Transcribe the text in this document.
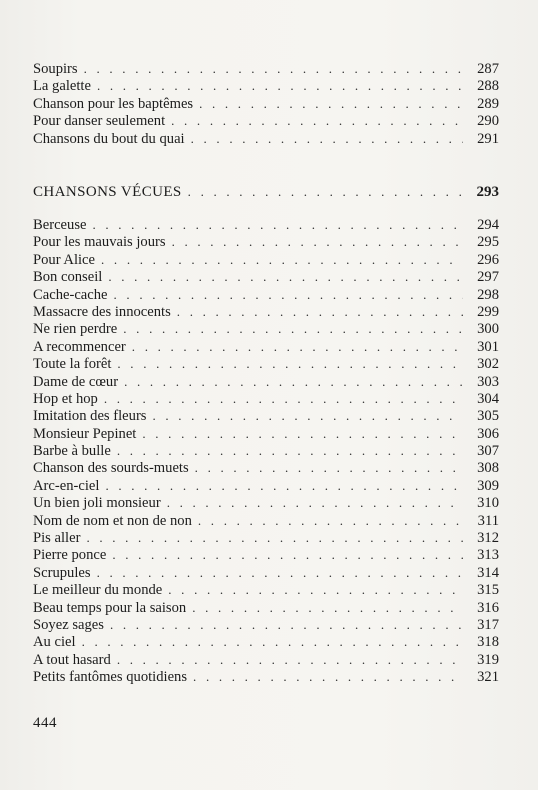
Soupirs . . .	287
La galette . . .	288
Chanson pour les baptêmes . . .	289
Pour danser seulement . . .	290
Chansons du bout du quai . . .	291
CHANSONS VÉCUES . . .	293
Berceuse . . .	294
Pour les mauvais jours . . .	295
Pour Alice . . .	296
Bon conseil . . .	297
Cache-cache . . .	298
Massacre des innocents . . .	299
Ne rien perdre . . .	300
A recommencer . . .	301
Toute la forêt . . .	302
Dame de cœur . . .	303
Hop et hop . . .	304
Imitation des fleurs . . .	305
Monsieur Pepinet . . .	306
Barbe à bulle . . .	307
Chanson des sourds-muets . . .	308
Arc-en-ciel . . .	309
Un bien joli monsieur . . .	310
Nom de nom et non de non . . .	311
Pis aller . . .	312
Pierre ponce . . .	313
Scrupules . . .	314
Le meilleur du monde . . .	315
Beau temps pour la saison . . .	316
Soyez sages . . .	317
Au ciel . . .	318
A tout hasard . . .	319
Petits fantômes quotidiens . . .	321
444
